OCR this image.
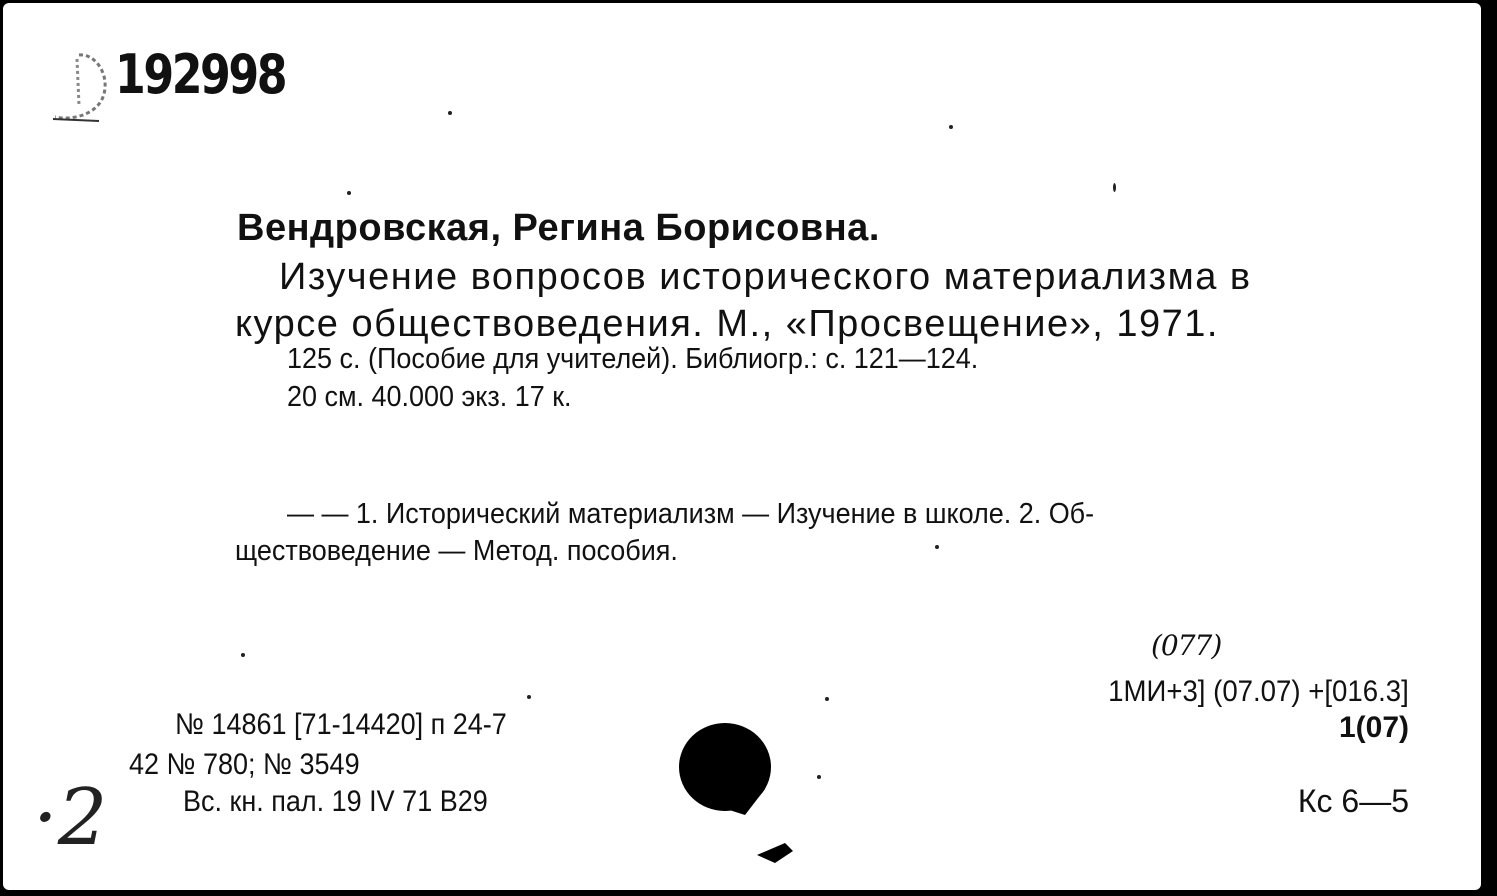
192998
Вендровская, Регина Борисовна.
Изучение вопросов исторического материализма в
курсе обществоведения. М., «Просвещение», 1971.
125 с. (Пособие для учителей). Библиогр.: с. 121—124.
20 см. 40.000 экз. 17 к.
— — 1. Исторический материализм — Изучение в школе. 2. Об-
ществоведение — Метод. пособия.
(077)
1МИ+3] (07.07) +[016.3]
1(07)
Кс 6—5
№ 14861 [71-14420] п 24-7
42 № 780; № 3549
Вс. кн. пал. 19 IV 71 В29
·2
